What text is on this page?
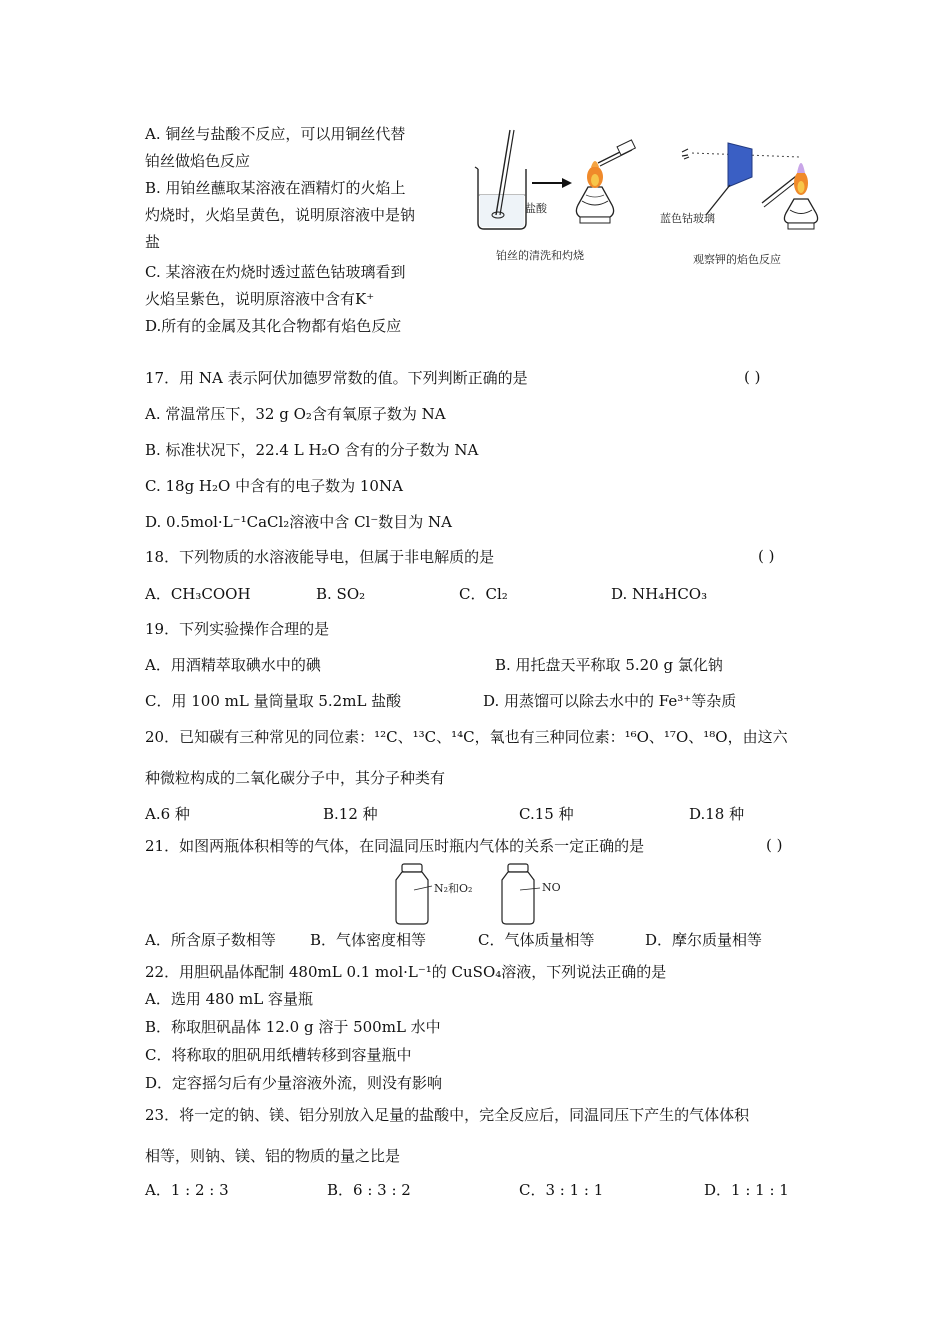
A. 铜丝与盐酸不反应，可以用铜丝代替
铂丝做焰色反应
B. 用铂丝蘸取某溶液在酒精灯的火焰上
灼烧时，火焰呈黄色，说明原溶液中是钠
盐
C. 某溶液在灼烧时透过蓝色钴玻璃看到
火焰呈紫色，说明原溶液中含有K⁺
D.所有的金属及其化合物都有焰色反应
盐酸
铂丝的清洗和灼烧
蓝色钴玻璃
观察钾的焰色反应
17．用 NA 表示阿伏加德罗常数的值。下列判断正确的是	( )
A. 常温常压下，32 g O₂含有氧原子数为 NA
B. 标准状况下，22.4 L H₂O 含有的分子数为 NA
C. 18g H₂O 中含有的电子数为 10NA
D. 0.5mol·L⁻¹CaCl₂溶液中含 Cl⁻数目为 NA
18．下列物质的水溶液能导电，但属于非电解质的是	( )
A．CH₃COOH	B. SO₂	C．Cl₂	D. NH₄HCO₃
19．下列实验操作合理的是
A．用酒精萃取碘水中的碘	B. 用托盘天平称取 5.20 g 氯化钠
C．用 100 mL 量筒量取 5.2mL 盐酸	D. 用蒸馏可以除去水中的 Fe³⁺等杂质
20．已知碳有三种常见的同位素：¹²C、¹³C、¹⁴C，氧也有三种同位素：¹⁶O、¹⁷O、¹⁸O，由这六
种微粒构成的二氧化碳分子中，其分子种类有
A.6 种	B.12 种	C.15 种	D.18 种
21．如图两瓶体积相等的气体，在同温同压时瓶内气体的关系一定正确的是	( )
N₂和O₂	NO
A．所含原子数相等 B．气体密度相等	C．气体质量相等	D．摩尔质量相等
22．用胆矾晶体配制 480mL 0.1 mol·L⁻¹的 CuSO₄溶液，下列说法正确的是
A．选用 480 mL 容量瓶
B．称取胆矾晶体 12.0 g 溶于 500mL 水中
C．将称取的胆矾用纸槽转移到容量瓶中
D．定容摇匀后有少量溶液外流，则没有影响
23．将一定的钠、镁、铝分别放入足量的盐酸中，完全反应后，同温同压下产生的气体体积
相等，则钠、镁、铝的物质的量之比是
A．1 : 2 : 3	B．6 : 3 : 2	C．3 : 1 : 1	D．1 : 1 : 1
